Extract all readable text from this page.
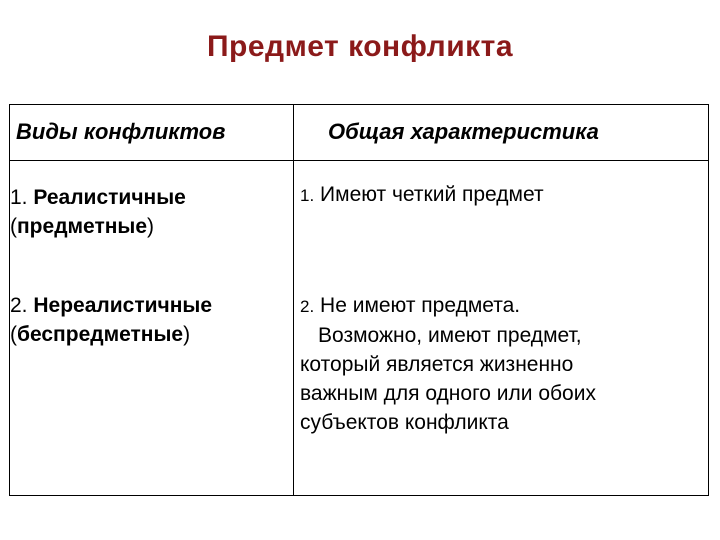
Предмет конфликта
Виды конфликтов	Общая характеристика
1. Реалистичные
(предметные)
1. Имеют четкий предмет
2. Нереалистичные
(беспредметные)
2. Не имеют предмета.
Возможно, имеют предмет,
который является жизненно
важным для одного или обоих
субъектов конфликта
